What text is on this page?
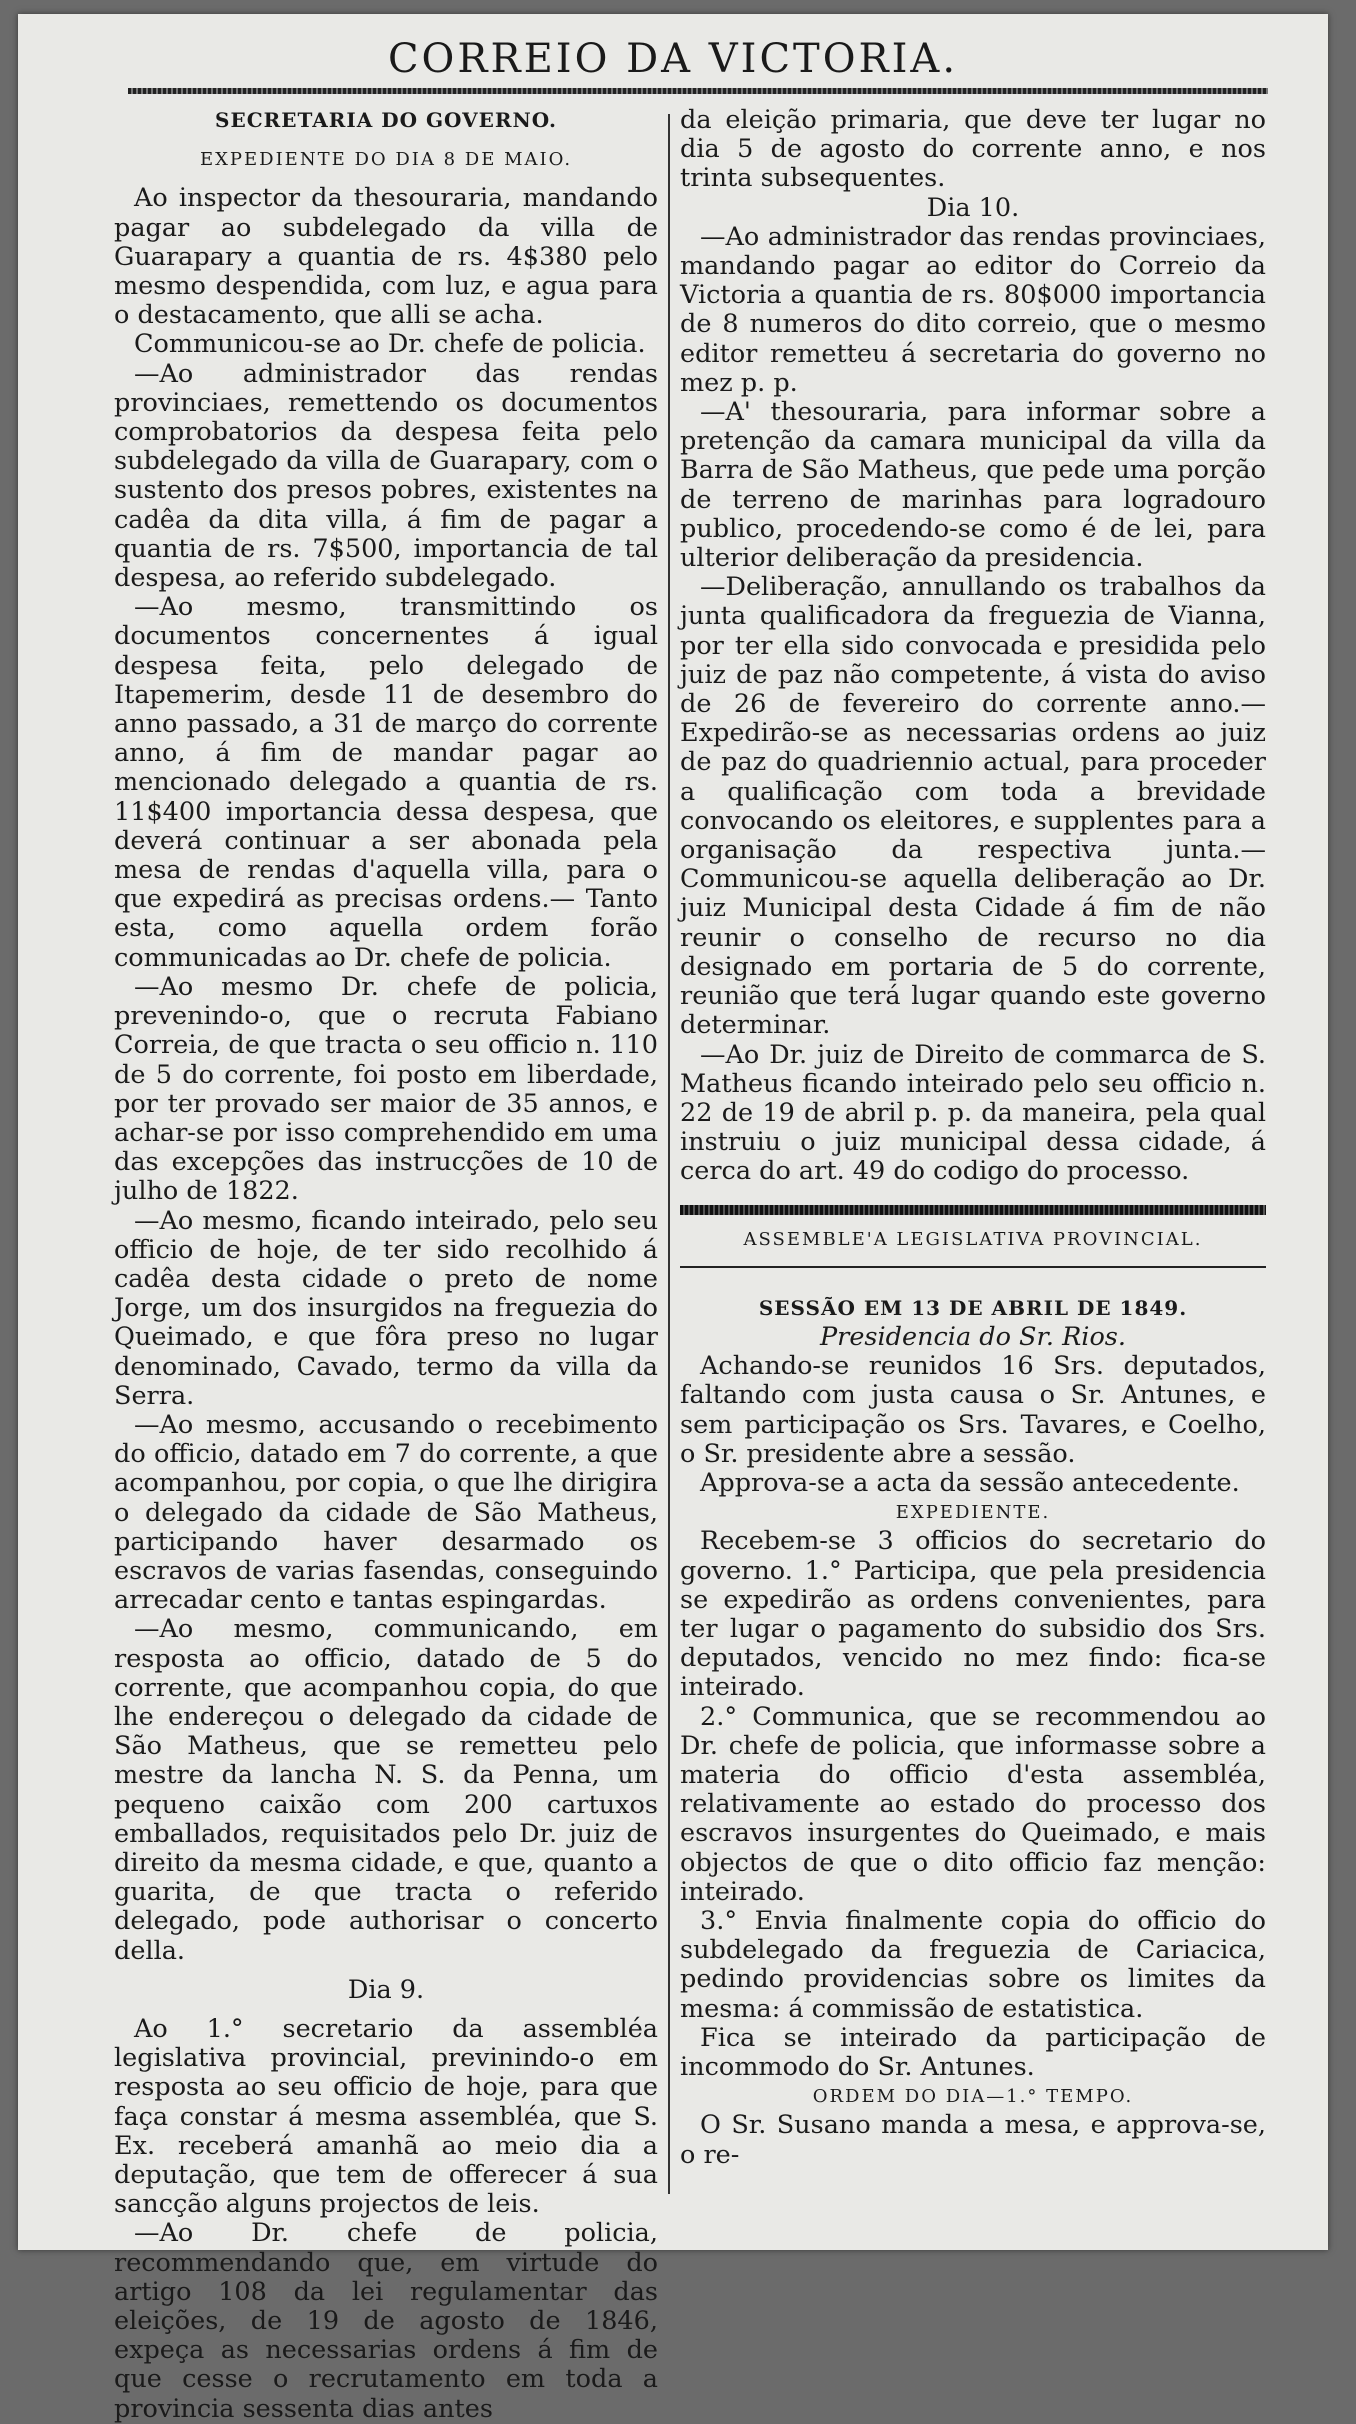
CORREIO DA VICTORIA.

SECRETARIA DO GOVERNO.

EXPEDIENTE DO DIA 8 DE MAIO.

Ao inspector da thesouraria, mandando pagar ao subdelegado da villa de Guarapary a quantia de rs. 4$380 pelo mesmo despendida, com luz, e agua para o destacamento, que alli se acha.

Communicou-se ao Dr. chefe de policia.

—Ao administrador das rendas provinciaes, remettendo os documentos comprobatorios da despesa feita pelo subdelegado da villa de Guarapary, com o sustento dos presos pobres, existentes na cadêa da dita villa, á fim de pagar a quantia de rs. 7$500, importancia de tal despesa, ao referido subdelegado.

—Ao mesmo, transmittindo os documentos concernentes á igual despesa feita, pelo delegado de Itapemerim, desde 11 de desembro do anno passado, a 31 de março do corrente anno, á fim de mandar pagar ao mencionado delegado a quantia de rs. 11$400 importancia dessa despesa, que deverá continuar a ser abonada pela mesa de rendas d'aquella villa, para o que expedirá as precisas ordens.— Tanto esta, como aquella ordem forão communicadas ao Dr. chefe de policia.

—Ao mesmo Dr. chefe de policia, prevenindo-o, que o recruta Fabiano Correia, de que tracta o seu officio n. 110 de 5 do corrente, foi posto em liberdade, por ter provado ser maior de 35 annos, e achar-se por isso comprehendido em uma das excepções das instrucções de 10 de julho de 1822.

—Ao mesmo, ficando inteirado, pelo seu officio de hoje, de ter sido recolhido á cadêa desta cidade o preto de nome Jorge, um dos insurgidos na freguezia do Queimado, e que fôra preso no lugar denominado, Cavado, termo da villa da Serra.

—Ao mesmo, accusando o recebimento do officio, datado em 7 do corrente, a que acompanhou, por copia, o que lhe dirigira o delegado da cidade de São Matheus, participando haver desarmado os escravos de varias fasendas, conseguindo arrecadar cento e tantas espingardas.

—Ao mesmo, communicando, em resposta ao officio, datado de 5 do corrente, que acompanhou copia, do que lhe endereçou o delegado da cidade de São Matheus, que se remetteu pelo mestre da lancha N. S. da Penna, um pequeno caixão com 200 cartuxos emballados, requisitados pelo Dr. juiz de direito da mesma cidade, e que, quanto a guarita, de que tracta o referido delegado, pode authorisar o concerto della.

Dia 9.

Ao 1.° secretario da assembléa legislativa provincial, previnindo-o em resposta ao seu officio de hoje, para que faça constar á mesma assembléa, que S. Ex. receberá amanhã ao meio dia a deputação, que tem de offerecer á sua sancção alguns projectos de leis.

—Ao Dr. chefe de policia, recommendando que, em virtude do artigo 108 da lei regulamentar das eleições, de 19 de agosto de 1846, expeça as necessarias ordens á fim de que cesse o recrutamento em toda a provincia sessenta dias antes

da eleição primaria, que deve ter lugar no dia 5 de agosto do corrente anno, e nos trinta subsequentes.

Dia 10.

—Ao administrador das rendas provinciaes, mandando pagar ao editor do Correio da Victoria a quantia de rs. 80$000 importancia de 8 numeros do dito correio, que o mesmo editor remetteu á secretaria do governo no mez p. p.

—A' thesouraria, para informar sobre a pretenção da camara municipal da villa da Barra de São Matheus, que pede uma porção de terreno de marinhas para logradouro publico, procedendo-se como é de lei, para ulterior deliberação da presidencia.

—Deliberação, annullando os trabalhos da junta qualificadora da freguezia de Vianna, por ter ella sido convocada e presidida pelo juiz de paz não competente, á vista do aviso de 26 de fevereiro do corrente anno.—Expedirão-se as necessarias ordens ao juiz de paz do quadriennio actual, para proceder a qualificação com toda a brevidade convocando os eleitores, e supplentes para a organisação da respectiva junta.—Communicou-se aquella deliberação ao Dr. juiz Municipal desta Cidade á fim de não reunir o conselho de recurso no dia designado em portaria de 5 do corrente, reunião que terá lugar quando este governo determinar.

—Ao Dr. juiz de Direito de commarca de S. Matheus ficando inteirado pelo seu officio n. 22 de 19 de abril p. p. da maneira, pela qual instruiu o juiz municipal dessa cidade, á cerca do art. 49 do codigo do processo.

ASSEMBLE'A LEGISLATIVA PROVINCIAL.

SESSÃO EM 13 DE ABRIL DE 1849.

Presidencia do Sr. Rios.

Achando-se reunidos 16 Srs. deputados, faltando com justa causa o Sr. Antunes, e sem participação os Srs. Tavares, e Coelho, o Sr. presidente abre a sessão.

Approva-se a acta da sessão antecedente.

EXPEDIENTE.

Recebem-se 3 officios do secretario do governo. 1.° Participa, que pela presidencia se expedirão as ordens convenientes, para ter lugar o pagamento do subsidio dos Srs. deputados, vencido no mez findo: fica-se inteirado.

2.° Communica, que se recommendou ao Dr. chefe de policia, que informasse sobre a materia do officio d'esta assembléa, relativamente ao estado do processo dos escravos insurgentes do Queimado, e mais objectos de que o dito officio faz menção: inteirado.

3.° Envia finalmente copia do officio do subdelegado da freguezia de Cariacica, pedindo providencias sobre os limites da mesma: á commissão de estatistica.

Fica se inteirado da participação de incommodo do Sr. Antunes.

ORDEM DO DIA—1.° TEMPO.

O Sr. Susano manda a mesa, e approva-se, o re-
